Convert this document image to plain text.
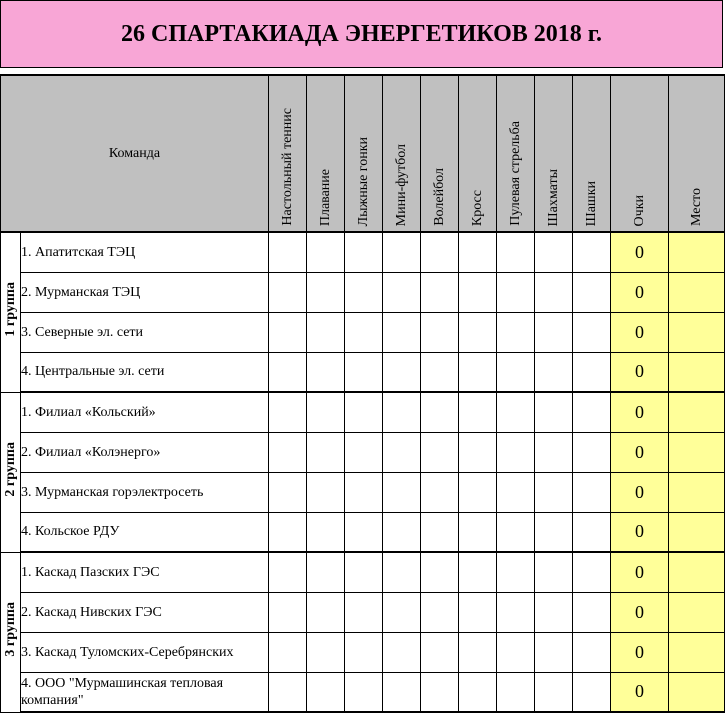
26 СПАРТАКИАДА ЭНЕРГЕТИКОВ 2018 г.
Команда		Настольный теннис	Плавание	Лыжные гонки	Мини-футбол	Волейбол	Кросс	Пулевая стрельба	Шахматы	Шашки	Очки	Место
1 группа	1. Апатитская ТЭЦ										0	
	2. Мурманская ТЭЦ										0	
	3. Северные эл. сети										0	
	4. Центральные эл. сети										0	
2 группа	1. Филиал «Кольский»										0	
	2. Филиал «Колэнерго»										0	
	3. Мурманская горэлектросеть										0	
	4. Кольское РДУ										0	
3 группа	1. Каскад Пазских ГЭС										0	
	2. Каскад Нивских ГЭС										0	
	3. Каскад Туломских-Серебрянских										0	
	4. ООО "Мурмашинская тепловая компания"										0	
